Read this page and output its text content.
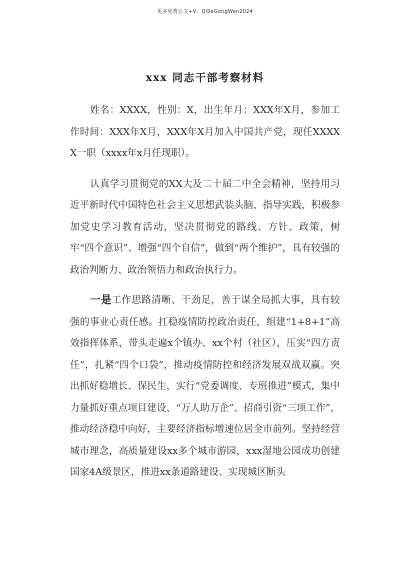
更多免费公文+V：QiSeGongWen2024
xxx 同志干部考察材料

姓名：XXXX，性别：X，出生年月：XXX年X月，参加工作时间：XXX年X月，XXX年X月加入中国共产党，现任XXXXX一职（xxxx年x月任现职）。

认真学习贯彻党的XX大及二十届二中全会精神，坚持用习近平新时代中国特色社会主义思想武装头脑、指导实践，积极参加党史学习教育活动，坚决贯彻党的路线、方针、政策，树牢“四个意识”、增强“四个自信”，做到“两个维护”，具有较强的政治判断力、政治领悟力和政治执行力。

一是工作思路清晰、干劲足，善于谋全局抓大事，具有较强的事业心责任感。扛稳疫情防控政治责任，组建“1+8+1”高效指挥体系，带头走遍x个镇办、xx个村（社区），压实“四方责任”，扎紧“四个口袋”，推动疫情防控和经济发展双战双赢。突出抓好稳增长、保民生，实行“党委调度、专班推进”模式，集中力量抓好重点项目建设、“万人助万企”、招商引资“三项工作”，推动经济稳中向好，主要经济指标增速位居全市前列。坚持经营城市理念，高质量建设xx多个城市游园，xxx湿地公园成功创建国家4A级景区，推进xx条道路建设、实现城区断头
